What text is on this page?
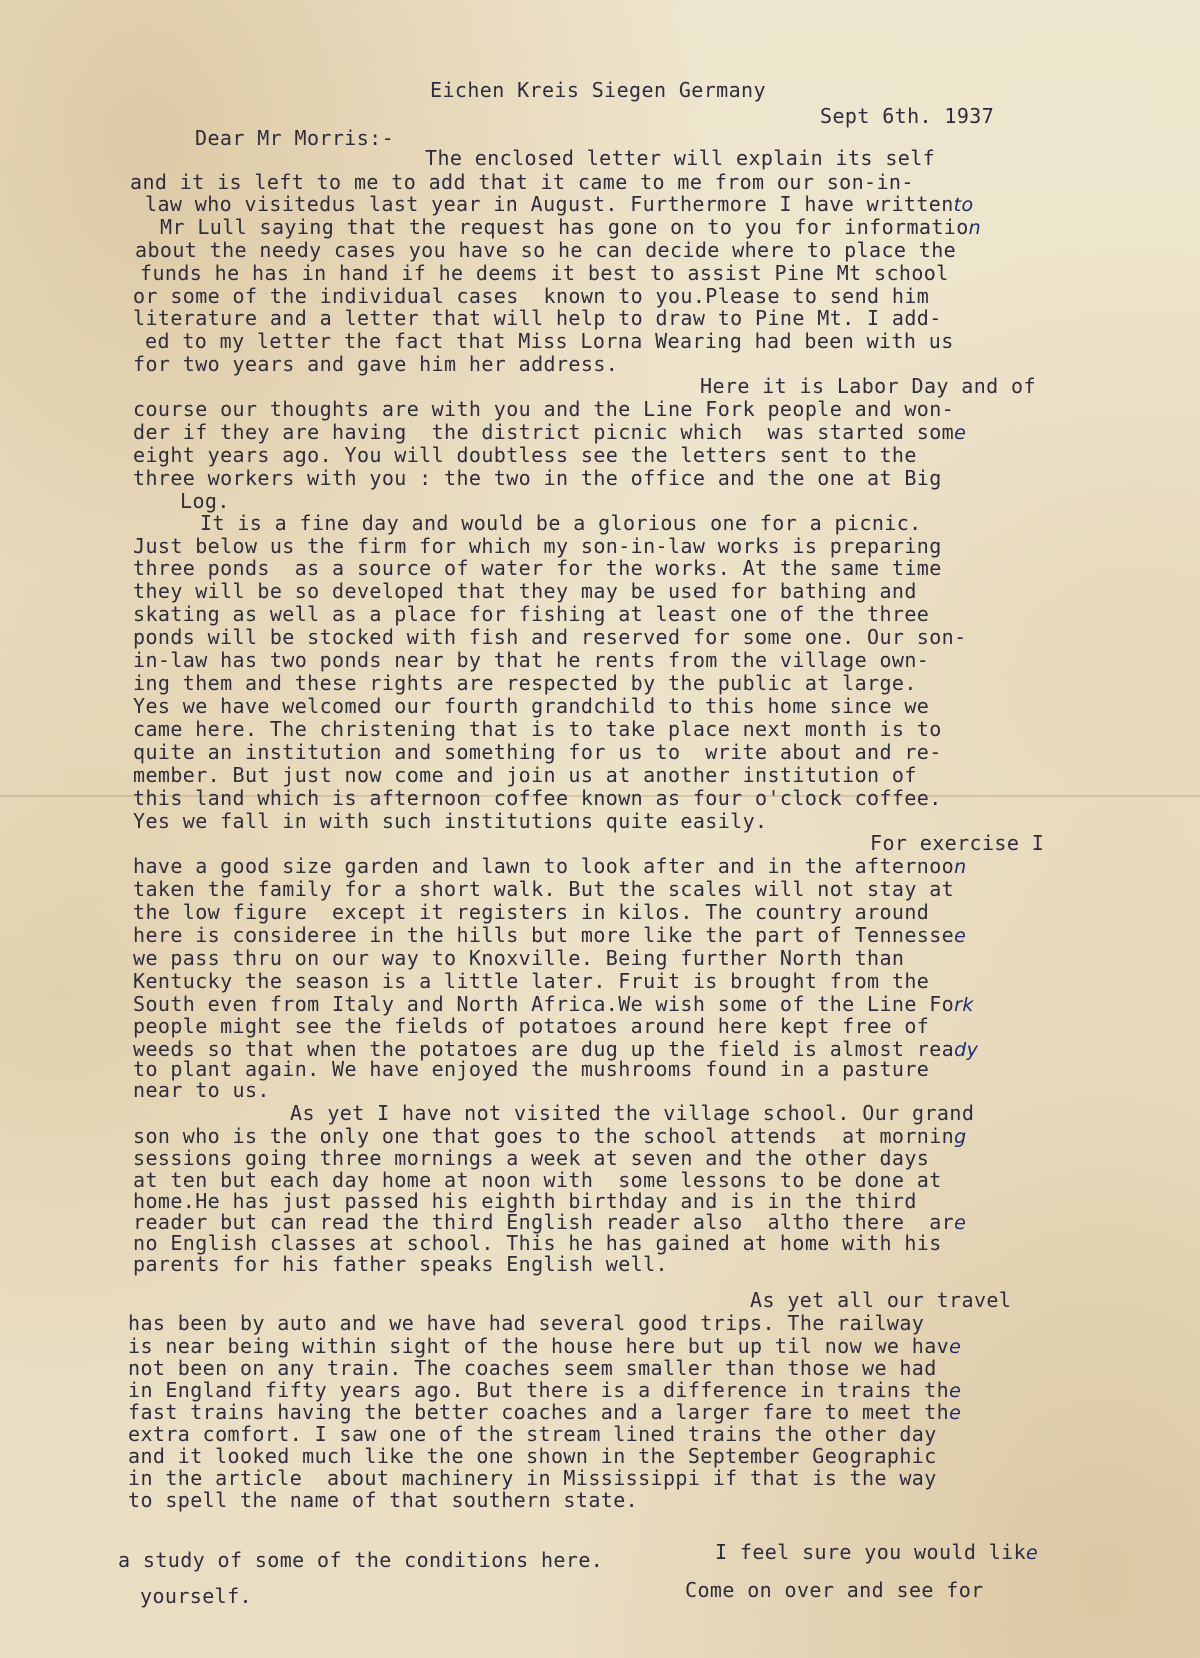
Eichen Kreis Siegen Germany
Sept 6th. 1937
Dear Mr Morris:-
The enclosed letter will explain its self
and it is left to me to add that it came to me from our son-in-
law who visitedus last year in August. Furthermore I have writtento
Mr Lull saying that the request has gone on to you for information
about the needy cases you have so he can decide where to place the
funds he has in hand if he deems it best to assist Pine Mt school
or some of the individual cases  known to you.Please to send him
literature and a letter that will help to draw to Pine Mt. I add-
ed to my letter the fact that Miss Lorna Wearing had been with us
for two years and gave him her address.
Here it is Labor Day and of
course our thoughts are with you and the Line Fork people and won-
der if they are having  the district picnic which  was started some
eight years ago. You will doubtless see the letters sent to the
three workers with you : the two in the office and the one at Big
Log.
It is a fine day and would be a glorious one for a picnic.
Just below us the firm for which my son-in-law works is preparing
three ponds  as a source of water for the works. At the same time
they will be so developed that they may be used for bathing and
skating as well as a place for fishing at least one of the three
ponds will be stocked with fish and reserved for some one. Our son-
in-law has two ponds near by that he rents from the village own-
ing them and these rights are respected by the public at large.
Yes we have welcomed our fourth grandchild to this home since we
came here. The christening that is to take place next month is to
quite an institution and something for us to  write about and re-
member. But just now come and join us at another institution of
this land which is afternoon coffee known as four o'clock coffee.
Yes we fall in with such institutions quite easily.
For exercise I
have a good size garden and lawn to look after and in the afternoon
taken the family for a short walk. But the scales will not stay at
the low figure  except it registers in kilos. The country around
here is consideree in the hills but more like the part of Tennessee
we pass thru on our way to Knoxville. Being further North than
Kentucky the season is a little later. Fruit is brought from the
South even from Italy and North Africa.We wish some of the Line Fork
people might see the fields of potatoes around here kept free of
weeds so that when the potatoes are dug up the field is almost ready
to plant again. We have enjoyed the mushrooms found in a pasture
near to us.
As yet I have not visited the village school. Our grand
son who is the only one that goes to the school attends  at morning
sessions going three mornings a week at seven and the other days
at ten but each day home at noon with  some lessons to be done at
home.He has just passed his eighth birthday and is in the third
reader but can read the third English reader also  altho there  are
no English classes at school. This he has gained at home with his
parents for his father speaks English well.
As yet all our travel
has been by auto and we have had several good trips. The railway
is near being within sight of the house here but up til now we have
not been on any train. The coaches seem smaller than those we had
in England fifty years ago. But there is a difference in trains the
fast trains having the better coaches and a larger fare to meet the
extra comfort. I saw one of the stream lined trains the other day
and it looked much like the one shown in the September Geographic
in the article  about machinery in Mississippi if that is the way
to spell the name of that southern state.
I feel sure you would like
a study of some of the conditions here.
Come on over and see for
yourself.
